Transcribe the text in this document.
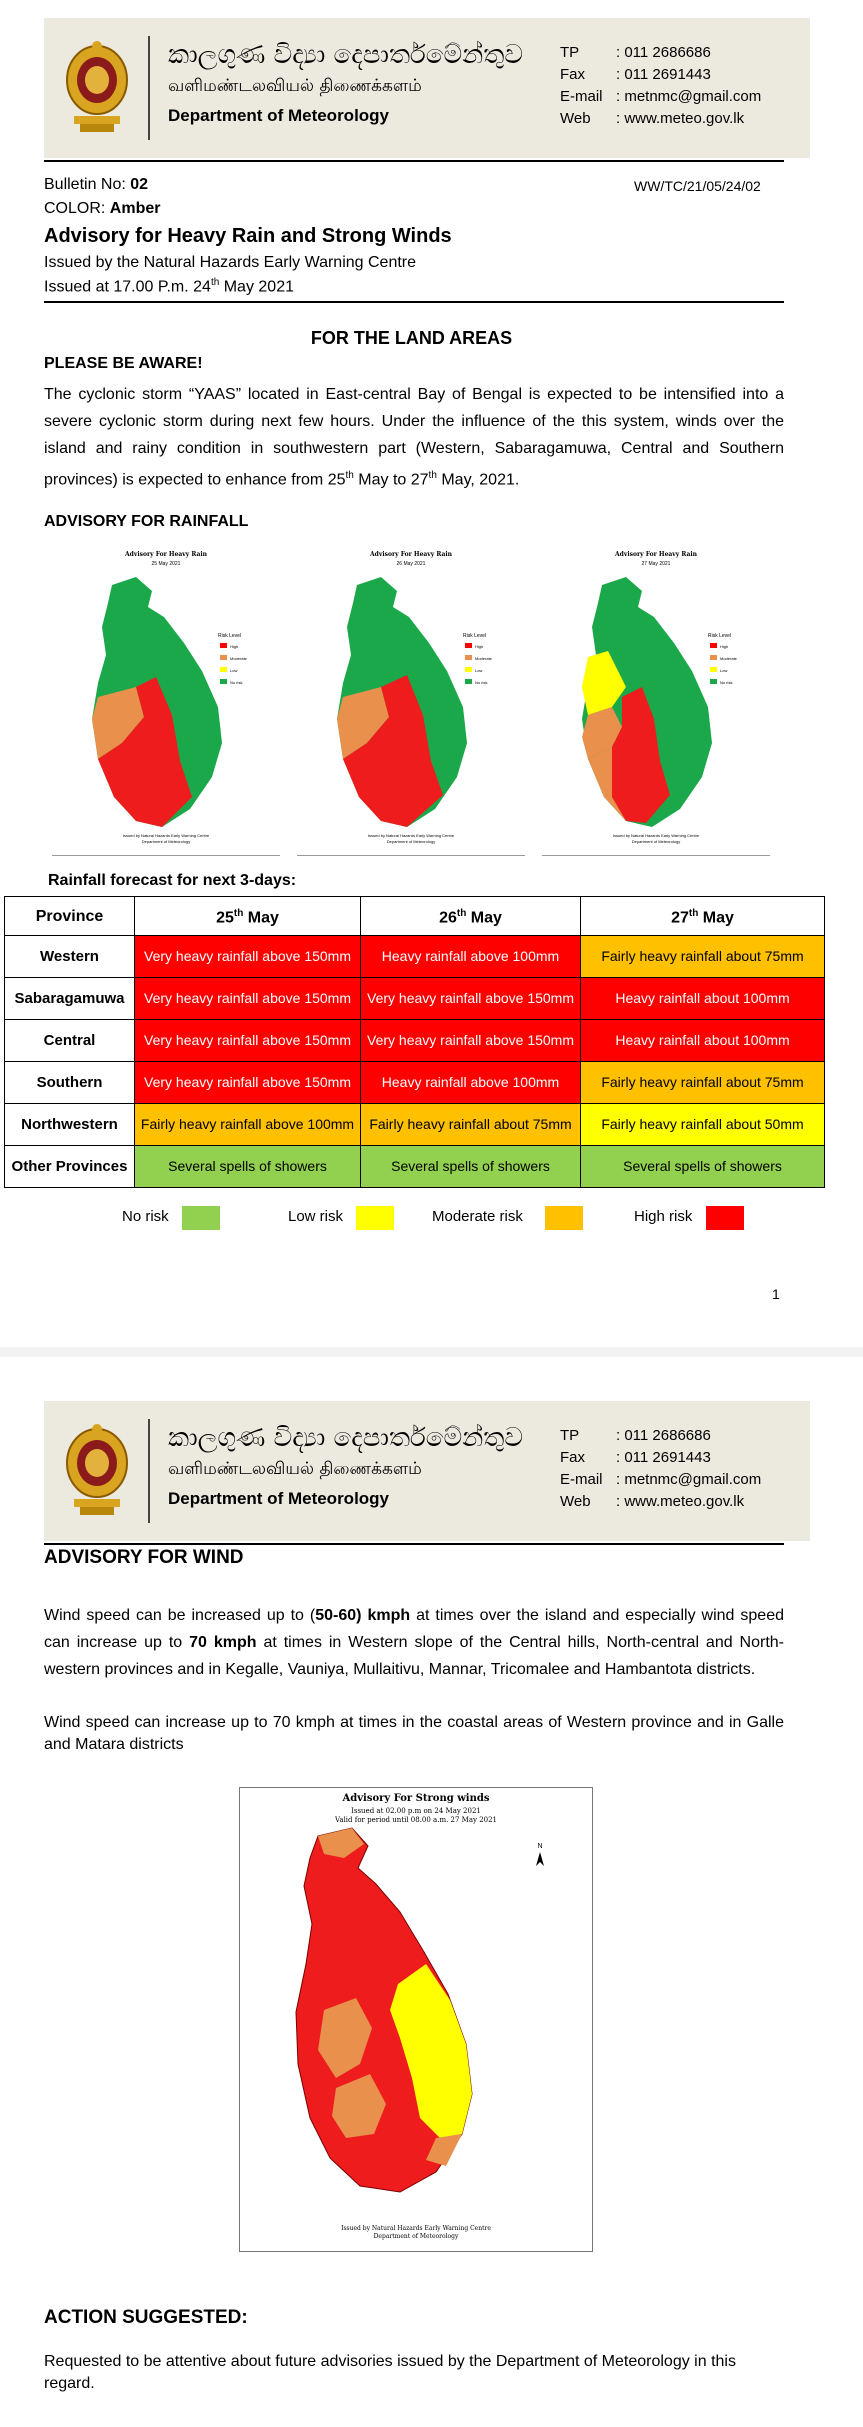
කාලගුණ විද්‍යා දෙපාර්තමේන්තුව
வளிமண்டலவியல் திணைக்களம்
Department of Meteorology
TP : 011 2686686
Fax : 011 2691443
E-mail : metnmc@gmail.com
Web : www.meteo.gov.lk
Bulletin No: 02	WW/TC/21/05/24/02
COLOR: Amber
Advisory for Heavy Rain and Strong Winds
Issued by the Natural Hazards Early Warning Centre
Issued at 17.00 P.m. 24th May 2021
FOR THE LAND AREAS
PLEASE BE AWARE!
The cyclonic storm “YAAS” located in East-central Bay of Bengal is expected to be intensified into a severe cyclonic storm during next few hours. Under the influence of the this system, winds over the island and rainy condition in southwestern part (Western, Sabaragamuwa, Central and Southern provinces) is expected to enhance from 25th May to 27th May, 2021.
ADVISORY FOR RAINFALL
Advisory For Heavy Rain
25 May 2021
Risk Level
High
Moderate
Low
No risk
Issued by Natural Hazards Early Warning Centre
Department of Meteorology
Advisory For Heavy Rain
26 May 2021
Risk Level
High
Moderate
Low
No risk
Issued by Natural Hazards Early Warning Centre
Department of Meteorology
Advisory For Heavy Rain
27 May 2021
Risk Level
High
Moderate
Low
No risk
Issued by Natural Hazards Early Warning Centre
Department of Meteorology
Rainfall forecast for next 3-days:
Province	25th May	26th May	27th May
Western	Very heavy rainfall above 150mm	Heavy rainfall above 100mm	Fairly heavy rainfall about 75mm
Sabaragamuwa	Very heavy rainfall above 150mm	Very heavy rainfall above 150mm	Heavy rainfall about 100mm
Central	Very heavy rainfall above 150mm	Very heavy rainfall above 150mm	Heavy rainfall about 100mm
Southern	Very heavy rainfall above 150mm	Heavy rainfall above 100mm	Fairly heavy rainfall about 75mm
Northwestern	Fairly heavy rainfall above 100mm	Fairly heavy rainfall about 75mm	Fairly heavy rainfall about 50mm
Other Provinces	Several spells of showers	Several spells of showers	Several spells of showers
No risk	Low risk	Moderate risk	High risk
1
කාලගුණ විද්‍යා දෙපාර්තමේන්තුව
வளிமண்டலவியல் திணைக்களம்
Department of Meteorology
TP : 011 2686686
Fax : 011 2691443
E-mail : metnmc@gmail.com
Web : www.meteo.gov.lk
ADVISORY FOR WIND
Wind speed can be increased up to (50-60) kmph at times over the island and especially wind speed can increase up to 70 kmph at times in Western slope of the Central hills, North-central and North-western provinces and in Kegalle, Vauniya, Mullaitivu, Mannar, Tricomalee and Hambantota districts.
Wind speed can increase up to 70 kmph at times in the coastal areas of Western province and in Galle and Matara districts
Advisory For Strong winds
Issued at 02.00 p.m on 24 May 2021
Valid for period until 08.00 a.m. 27 May 2021
N
Issued by Natural Hazards Early Warning Centre
Department of Meteorology
ACTION SUGGESTED:
Requested to be attentive about future advisories issued by the Department of Meteorology in this regard.
